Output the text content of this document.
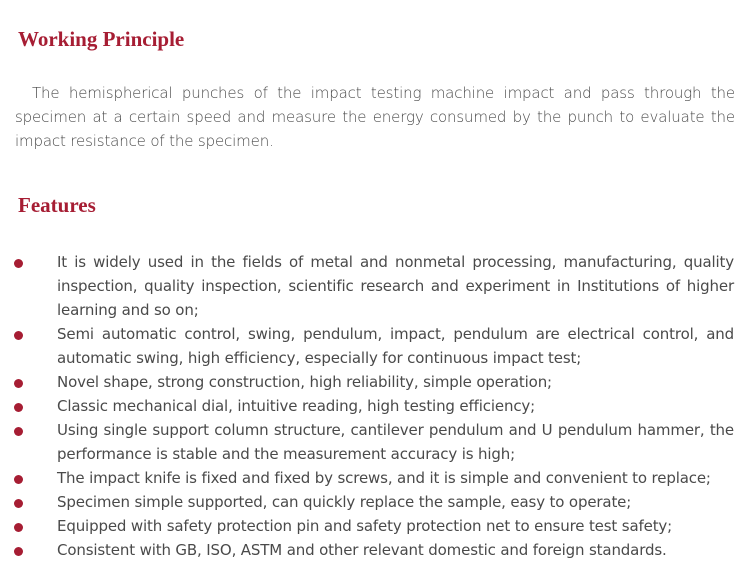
Working Principle

The hemispherical punches of the impact testing machine impact and pass through the specimen at a certain speed and measure the energy consumed by the punch to evaluate the impact resistance of the specimen.

Features
It is widely used in the fields of metal and nonmetal processing, manufacturing, quality inspection, quality inspection, scientific research and experiment in Institutions of higher learning and so on;
Semi automatic control, swing, pendulum, impact, pendulum are electrical control, and automatic swing, high efficiency, especially for continuous impact test;
Novel shape, strong construction, high reliability, simple operation;
Classic mechanical dial, intuitive reading, high testing efficiency;
Using single support column structure, cantilever pendulum and U pendulum hammer, the performance is stable and the measurement accuracy is high;
The impact knife is fixed and fixed by screws, and it is simple and convenient to replace;
Specimen simple supported, can quickly replace the sample, easy to operate;
Equipped with safety protection pin and safety protection net to ensure test safety;
Consistent with GB, ISO, ASTM and other relevant domestic and foreign standards.
